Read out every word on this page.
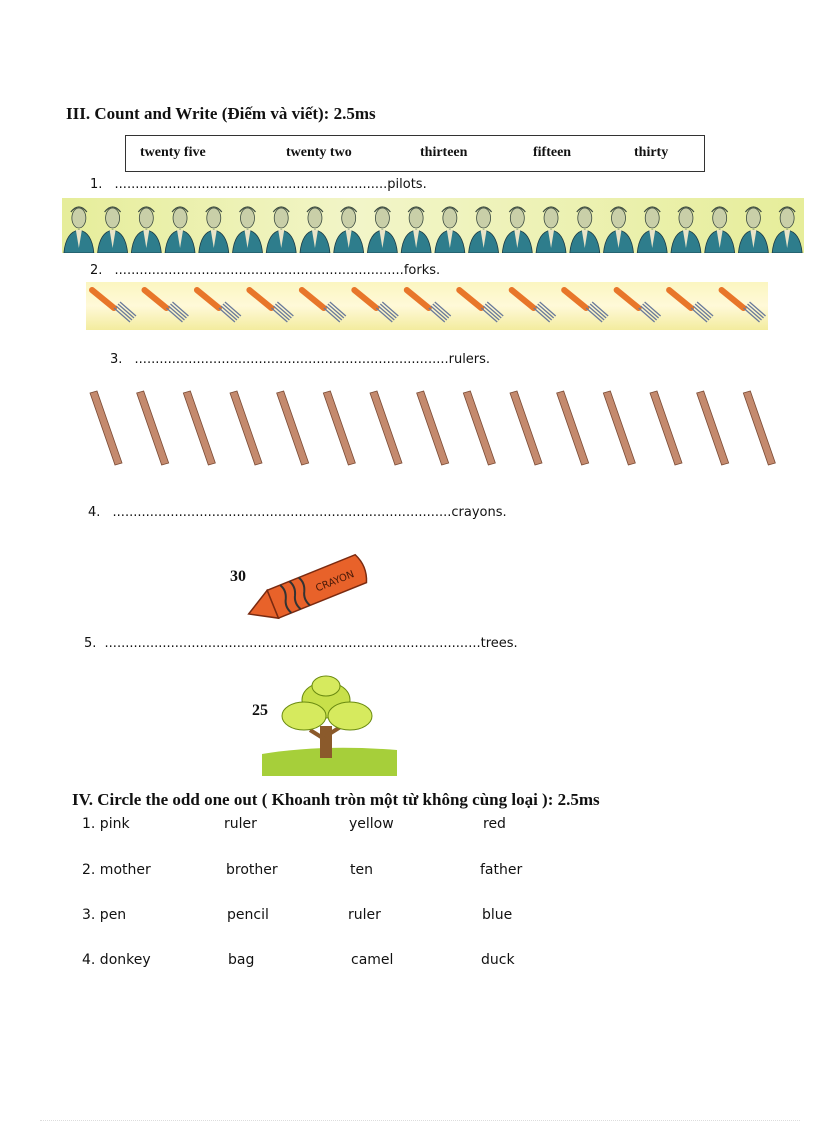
III. Count and Write (Điếm và viết): 2.5ms
twenty five	twenty two	thirteen	fifteen	thirty
1. ..................................................................pilots.
2. ......................................................................forks.
3. ............................................................................rulers.
4. ..................................................................................crayons.
30	CRAYON
5. ...........................................................................................trees.
25
IV. Circle the odd one out ( Khoanh tròn một từ không cùng loại ): 2.5ms
1. pink	ruler	yellow	red
2. mother	brother	ten	father
3. pen	pencil	ruler	blue
4. donkey	bag	camel	duck
